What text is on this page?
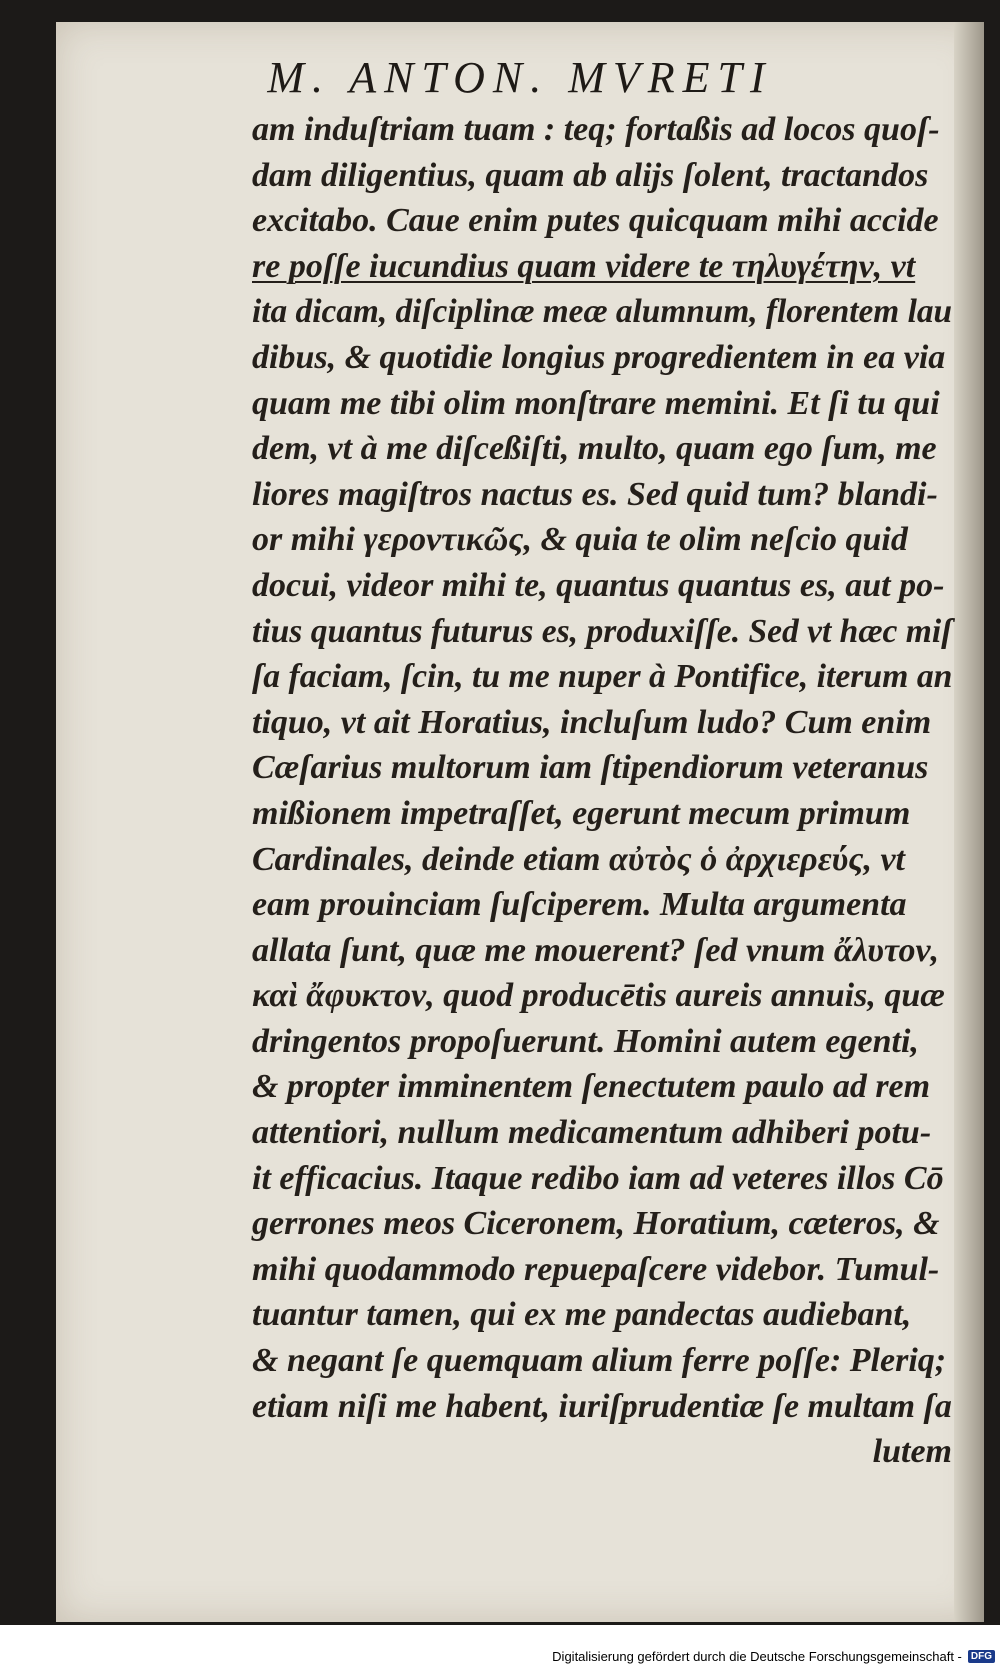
M. ANTON. MVRETI
am induſtriam tuam : teq; fortaßis ad locos quoſ-
dam diligentius, quam ab alijs ſolent, tractandos
excitabo. Caue enim putes quicquam mihi accide
re poſſe iucundius quam videre te τηλυγέτην, vt
ita dicam, diſciplinæ meæ alumnum, florentem lau
dibus, & quotidie longius progredientem in ea via
quam me tibi olim monſtrare memini. Et ſi tu qui
dem, vt à me diſceßiſti, multo, quam ego ſum, me
liores magiſtros nactus es. Sed quid tum? blandi-
or mihi γεροντικῶς, & quia te olim neſcio quid
docui, videor mihi te, quantus quantus es, aut po-
tius quantus futurus es, produxiſſe. Sed vt hæc miſ
ſa faciam, ſcin, tu me nuper à Pontifice, iterum an
tiquo, vt ait Horatius, incluſum ludo? Cum enim
Cæſarius multorum iam ſtipendiorum veteranus
mißionem impetraſſet, egerunt mecum primum
Cardinales, deinde etiam αὐτὸς ὁ ἀρχιερεύς, vt
eam prouinciam ſuſciperem. Multa argumenta
allata ſunt, quæ me mouerent? ſed vnum ἄλυτον,
καὶ ἄφυκτον, quod producētis aureis annuis, quæ
dringentos propoſuerunt. Homini autem egenti,
& propter imminentem ſenectutem paulo ad rem
attentiori, nullum medicamentum adhiberi potu-
it efficacius. Itaque redibo iam ad veteres illos Cō
gerrones meos Ciceronem, Horatium, cæteros, &
mihi quodammodo repuераſcere videbor. Tumul-
tuantur tamen, qui ex me pandectas audiebant,
& negant ſe quemquam alium ferre poſſe: Pleriq;
etiam niſi me habent, iuriſprudentiæ ſe multam ſa
lutem
Digitalisierung gefördert durch die Deutsche Forschungsgemeinschaft - DFG
